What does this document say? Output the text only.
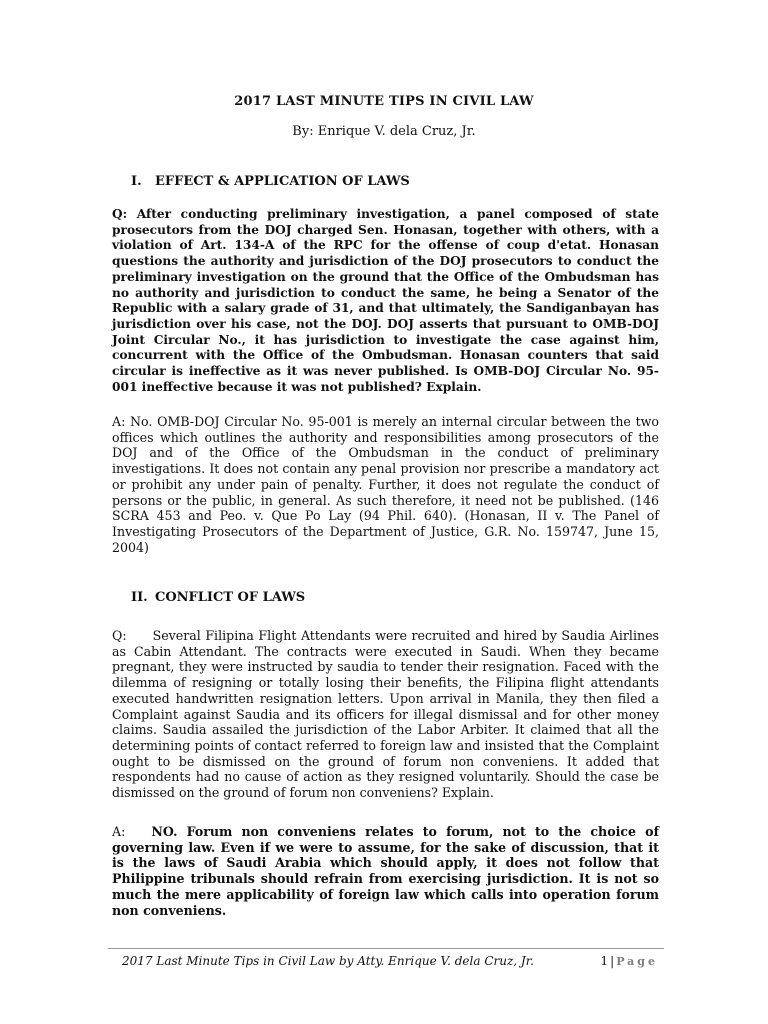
2017 LAST MINUTE TIPS IN CIVIL LAW
By: Enrique V. dela Cruz, Jr.
I.	EFFECT & APPLICATION OF LAWS

Q: After conducting preliminary investigation, a panel composed of state prosecutors from the DOJ charged Sen. Honasan, together with others, with a violation of Art. 134-A of the RPC for the offense of coup d'etat. Honasan questions the authority and jurisdiction of the DOJ prosecutors to conduct the preliminary investigation on the ground that the Office of the Ombudsman has no authority and jurisdiction to conduct the same, he being a Senator of the Republic with a salary grade of 31, and that ultimately, the Sandiganbayan has jurisdiction over his case, not the DOJ. DOJ asserts that pursuant to OMB-DOJ Joint Circular No., it has jurisdiction to investigate the case against him, concurrent with the Office of the Ombudsman. Honasan counters that said circular is ineffective as it was never published. Is OMB-DOJ Circular No. 95-001 ineffective because it was not published? Explain.

A: No. OMB-DOJ Circular No. 95-001 is merely an internal circular between the two offices which outlines the authority and responsibilities among prosecutors of the DOJ and of the Office of the Ombudsman in the conduct of preliminary investigations. It does not contain any penal provision nor prescribe a mandatory act or prohibit any under pain of penalty. Further, it does not regulate the conduct of persons or the public, in general. As such therefore, it need not be published. (146 SCRA 453 and Peo. v. Que Po Lay (94 Phil. 640). (Honasan, II v. The Panel of Investigating Prosecutors of the Department of Justice, G.R. No. 159747, June 15, 2004)

II. CONFLICT OF LAWS

Q: Several Filipina Flight Attendants were recruited and hired by Saudia Airlines as Cabin Attendant. The contracts were executed in Saudi. When they became pregnant, they were instructed by saudia to tender their resignation. Faced with the dilemma of resigning or totally losing their benefits, the Filipina flight attendants executed handwritten resignation letters. Upon arrival in Manila, they then filed a Complaint against Saudia and its officers for illegal dismissal and for other money claims. Saudia assailed the jurisdiction of the Labor Arbiter. It claimed that all the determining points of contact referred to foreign law and insisted that the Complaint ought to be dismissed on the ground of forum non conveniens. It added that respondents had no cause of action as they resigned voluntarily. Should the case be dismissed on the ground of forum non conveniens? Explain.

A: NO. Forum non conveniens relates to forum, not to the choice of governing law. Even if we were to assume, for the sake of discussion, that it is the laws of Saudi Arabia which should apply, it does not follow that Philippine tribunals should refrain from exercising jurisdiction. It is not so much the mere applicability of foreign law which calls into operation forum non conveniens.

2017 Last Minute Tips in Civil Law by Atty. Enrique V. dela Cruz, Jr.	1 | Page
